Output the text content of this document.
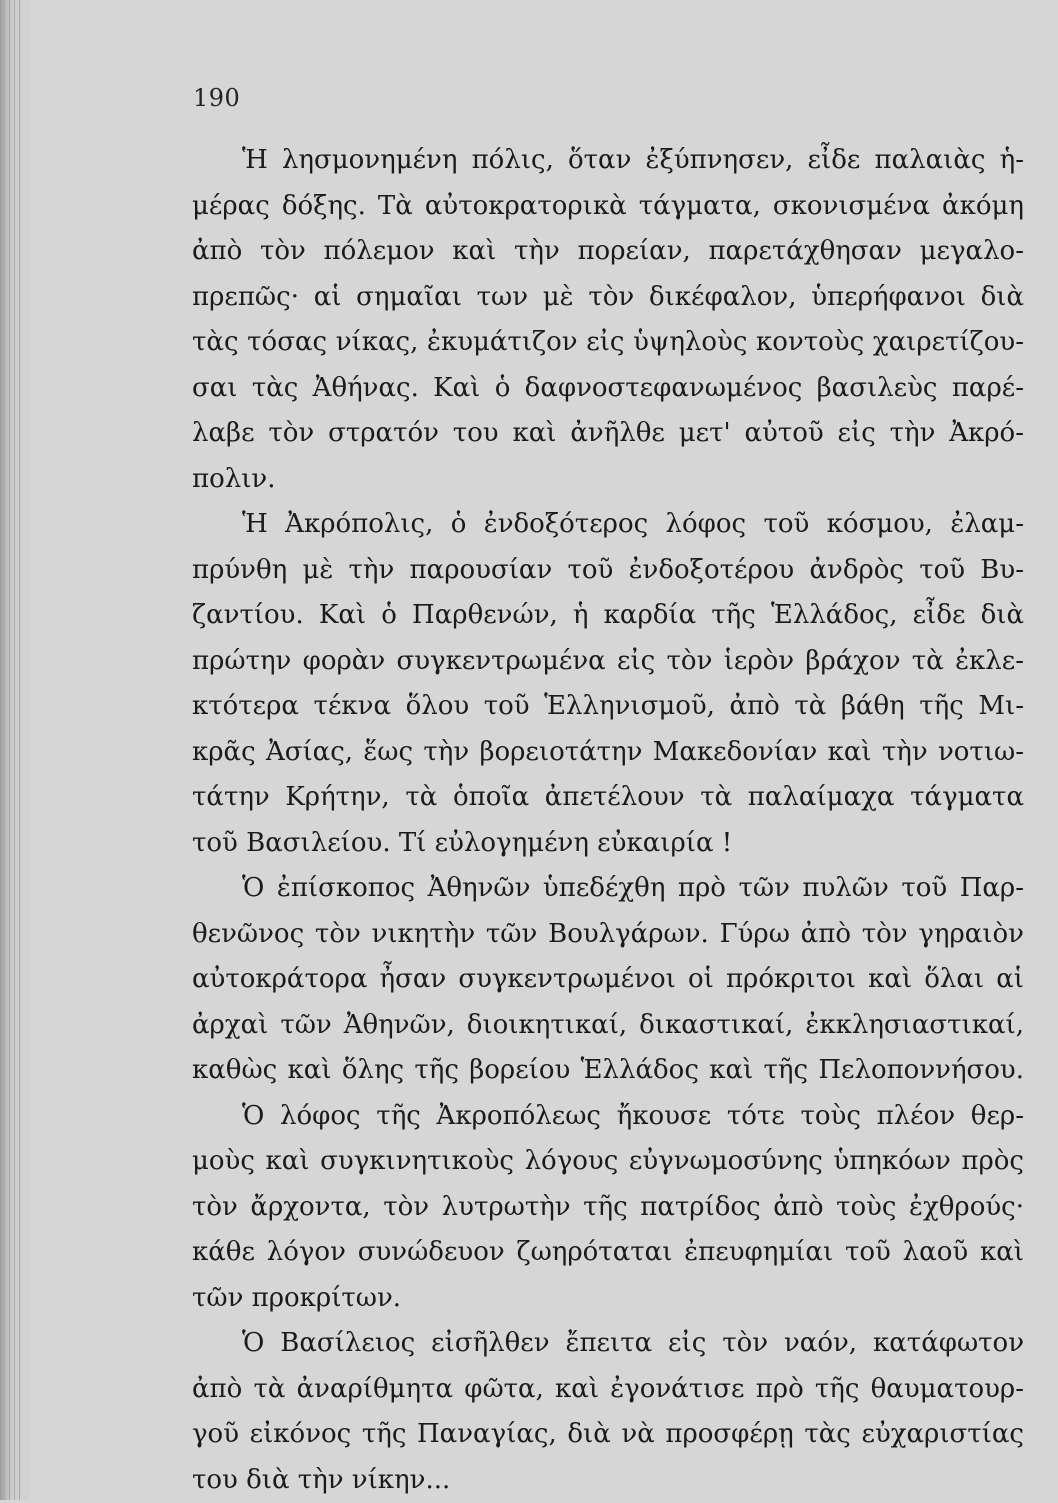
190
Ἡ λησμονημένη πόλις, ὅταν ἐξύπνησεν, εἶδε παλαιὰς ἡ-
μέρας δόξης. Τὰ αὐτοκρατορικὰ τάγματα, σκονισμένα ἀκόμη
ἀπὸ τὸν πόλεμον καὶ τὴν πορείαν, παρετάχθησαν μεγαλο-
πρεπῶς· αἱ σημαῖαι των μὲ τὸν δικέφαλον, ὑπερήφανοι διὰ
τὰς τόσας νίκας, ἐκυμάτιζον εἰς ὑψηλοὺς κοντοὺς χαιρετίζου-
σαι τὰς Ἀθήνας. Καὶ ὁ δαφνοστεφανωμένος βασιλεὺς παρέ-
λαβε τὸν στρατόν του καὶ ἀνῆλθε μετ' αὐτοῦ εἰς τὴν Ἀκρό-
πολιν.
Ἡ Ἀκρόπολις, ὁ ἐνδοξότερος λόφος τοῦ κόσμου, ἐλαμ-
πρύνθη μὲ τὴν παρουσίαν τοῦ ἐνδοξοτέρου ἀνδρὸς τοῦ Βυ-
ζαντίου. Καὶ ὁ Παρθενών, ἡ καρδία τῆς Ἑλλάδος, εἶδε διὰ
πρώτην φορὰν συγκεντρωμένα εἰς τὸν ἱερὸν βράχον τὰ ἐκλε-
κτότερα τέκνα ὅλου τοῦ Ἑλληνισμοῦ, ἀπὸ τὰ βάθη τῆς Μι-
κρᾶς Ἀσίας, ἕως τὴν βορειοτάτην Μακεδονίαν καὶ τὴν νοτιω-
τάτην Κρήτην, τὰ ὁποῖα ἀπετέλουν τὰ παλαίμαχα τάγματα
τοῦ Βασιλείου. Τί εὐλογημένη εὐκαιρία !
Ὁ ἐπίσκοπος Ἀθηνῶν ὑπεδέχθη πρὸ τῶν πυλῶν τοῦ Παρ-
θενῶνος τὸν νικητὴν τῶν Βουλγάρων. Γύρω ἀπὸ τὸν γηραιὸν
αὐτοκράτορα ἦσαν συγκεντρωμένοι οἱ πρόκριτοι καὶ ὅλαι αἱ
ἀρχαὶ τῶν Ἀθηνῶν, διοικητικαί, δικαστικαί, ἐκκλησιαστικαί,
καθὼς καὶ ὅλης τῆς βορείου Ἑλλάδος καὶ τῆς Πελοποννήσου.
Ὁ λόφος τῆς Ἀκροπόλεως ἤκουσε τότε τοὺς πλέον θερ-
μοὺς καὶ συγκινητικοὺς λόγους εὐγνωμοσύνης ὑπηκόων πρὸς
τὸν ἄρχοντα, τὸν λυτρωτὴν τῆς πατρίδος ἀπὸ τοὺς ἐχθρούς·
κάθε λόγον συνώδευον ζωηρόταται ἐπευφημίαι τοῦ λαοῦ καὶ
τῶν προκρίτων.
Ὁ Βασίλειος εἰσῆλθεν ἔπειτα εἰς τὸν ναόν, κατάφωτον
ἀπὸ τὰ ἀναρίθμητα φῶτα, καὶ ἐγονάτισε πρὸ τῆς θαυματουρ-
γοῦ εἰκόνος τῆς Παναγίας, διὰ νὰ προσφέρῃ τὰς εὐχαριστίας
του διὰ τὴν νίκην...
